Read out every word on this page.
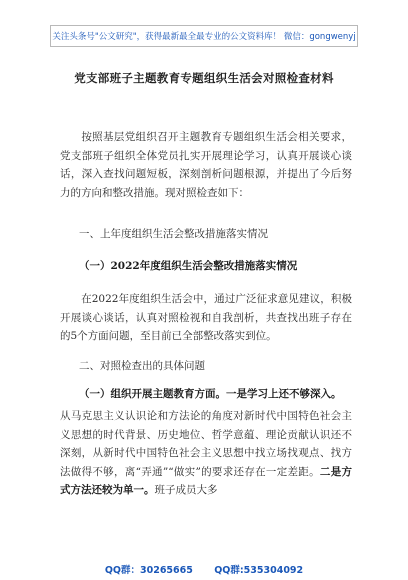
关注头条号"公文研究"，获得最新最全最专业的公文资料库！ 微信：gongwenyj
党支部班子主题教育专题组织生活会对照检查材料
按照基层党组织召开主题教育专题组织生活会相关要求，党支部班子组织全体党员扎实开展理论学习，认真开展谈心谈话，深入查找问题短板，深刻剖析问题根源，并提出了今后努力的方向和整改措施。现对照检查如下：
一、上年度组织生活会整改措施落实情况
（一）2022年度组织生活会整改措施落实情况
在2022年度组织生活会中，通过广泛征求意见建议，积极开展谈心谈话，认真对照检视和自我剖析，共查找出班子存在的5个方面问题，至目前已全部整改落实到位。
二、对照检查出的具体问题
（一）组织开展主题教育方面。一是学习上还不够深入。
从马克思主义认识论和方法论的角度对新时代中国特色社会主义思想的时代背景、历史地位、哲学意蕴、理论贡献认识还不深刻，从新时代中国特色社会主义思想中找立场找观点、找方法做得不够，离“弄通”“做实”的要求还存在一定差距。二是方式方法还较为单一。班子成员大多
QQ群：30265665 QQ群:535304092
